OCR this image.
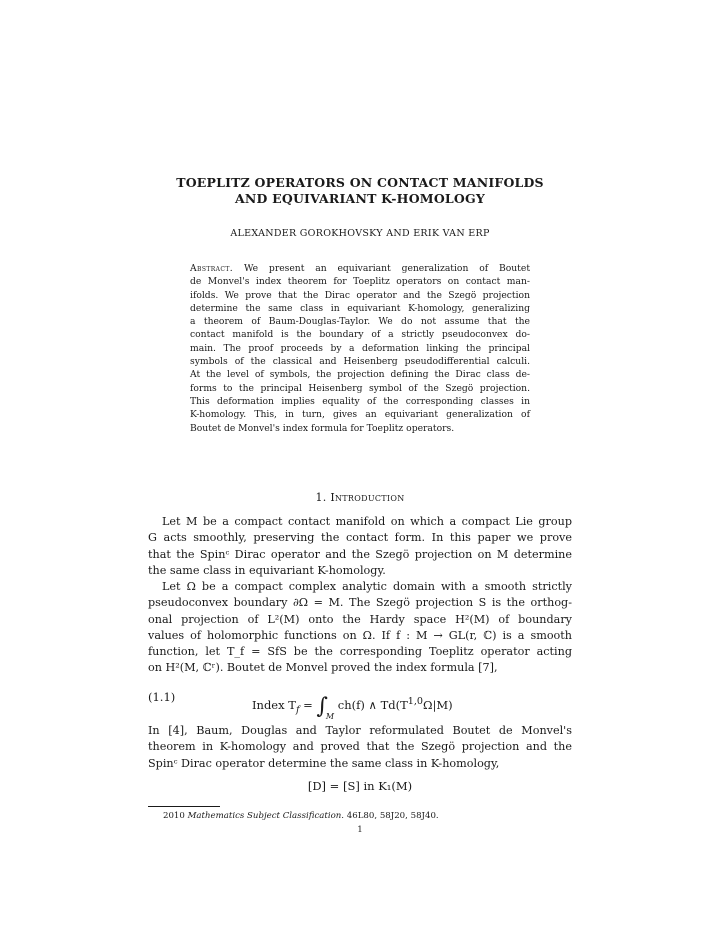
TOEPLITZ OPERATORS ON CONTACT MANIFOLDS
AND EQUIVARIANT K-HOMOLOGY
ALEXANDER GOROKHOVSKY AND ERIK VAN ERP
Abstract. We present an equivariant generalization of Boutet
de Monvel's index theorem for Toeplitz operators on contact man-
ifolds. We prove that the Dirac operator and the Szegö projection
determine the same class in equivariant K-homology, generalizing
a theorem of Baum-Douglas-Taylor. We do not assume that the
contact manifold is the boundary of a strictly pseudoconvex do-
main. The proof proceeds by a deformation linking the principal
symbols of the classical and Heisenberg pseudodifferential calculi.
At the level of symbols, the projection defining the Dirac class de-
forms to the principal Heisenberg symbol of the Szegö projection.
This deformation implies equality of the corresponding classes in
K-homology. This, in turn, gives an equivariant generalization of
Boutet de Monvel's index formula for Toeplitz operators.
1. Introduction
Let M be a compact contact manifold on which a compact Lie group
G acts smoothly, preserving the contact form. In this paper we prove
that the Spinᶜ Dirac operator and the Szegö projection on M determine
the same class in equivariant K-homology.
Let Ω be a compact complex analytic domain with a smooth strictly
pseudoconvex boundary ∂Ω = M. The Szegö projection S is the orthog-
onal projection of L²(M) onto the Hardy space H²(M) of boundary
values of holomorphic functions on Ω. If f : M → GL(r, ℂ) is a smooth
function, let T_f = SfS be the corresponding Toeplitz operator acting
on H²(M, ℂʳ). Boutet de Monvel proved the index formula [7],
(1.1)
Index $T_f = \int_M$ ch(f) ∧ $Td(T^{1,0}\Omega|M)$
In [4], Baum, Douglas and Taylor reformulated Boutet de Monvel's
theorem in K-homology and proved that the Szegö projection and the
Spinᶜ Dirac operator determine the same class in K-homology,
[D] = [S] in K₁(M)
2010 Mathematics Subject Classification. 46L80, 58J20, 58J40.
1
